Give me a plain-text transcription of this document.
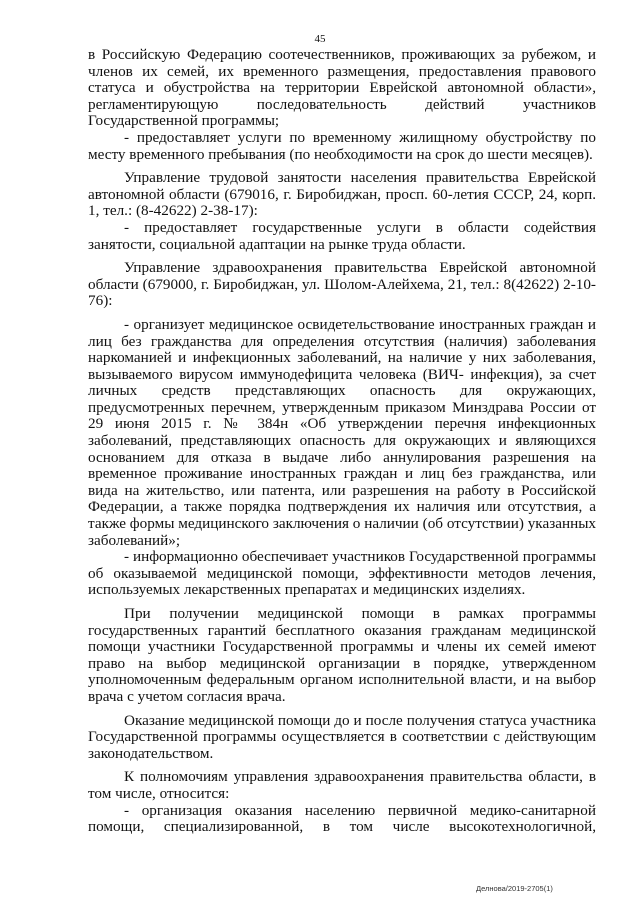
45

в Российскую Федерацию соотечественников, проживающих за рубежом, и членов их семей, их временного размещения, предоставления правового статуса и обустройства на территории Еврейской автономной области», регламентирующую последовательность действий участников Государственной программы;

- предоставляет услуги по временному жилищному обустройству по месту временного пребывания (по необходимости на срок до шести месяцев).

Управление трудовой занятости населения правительства Еврейской автономной области (679016, г. Биробиджан, просп. 60-летия СССР, 24, корп. 1, тел.: (8-42622) 2-38-17):

- предоставляет государственные услуги в области содействия занятости, социальной адаптации на рынке труда области.

Управление здравоохранения правительства Еврейской автономной области (679000, г. Биробиджан, ул. Шолом-Алейхема, 21, тел.: 8(42622) 2-10-76):

- организует медицинское освидетельствование иностранных граждан и лиц без гражданства для определения отсутствия (наличия) заболевания наркоманией и инфекционных заболеваний, на наличие у них заболевания, вызываемого вирусом иммунодефицита человека (ВИЧ- инфекция), за счет личных средств представляющих опасность для окружающих, предусмотренных перечнем, утвержденным приказом Минздрава России от 29 июня 2015 г. № 384н «Об утверждении перечня инфекционных заболеваний, представляющих опасность для окружающих и являющихся основанием для отказа в выдаче либо аннулирования разрешения на временное проживание иностранных граждан и лиц без гражданства, или вида на жительство, или патента, или разрешения на работу в Российской Федерации, а также порядка подтверждения их наличия или отсутствия, а также формы медицинского заключения о наличии (об отсутствии) указанных заболеваний»;

- информационно обеспечивает участников Государственной программы об оказываемой медицинской помощи, эффективности методов лечения, используемых лекарственных препаратах и медицинских изделиях.

При получении медицинской помощи в рамках программы государственных гарантий бесплатного оказания гражданам медицинской помощи участники Государственной программы и члены их семей имеют право на выбор медицинской организации в порядке, утвержденном уполномоченным федеральным органом исполнительной власти, и на выбор врача с учетом согласия врача.

Оказание медицинской помощи до и после получения статуса участника Государственной программы осуществляется в соответствии с действующим законодательством.

К полномочиям управления здравоохранения правительства области, в том числе, относится:

- организация оказания населению первичной медико-санитарной помощи, специализированной, в том числе высокотехнологичной,

Делнова/2019-2705(1)
